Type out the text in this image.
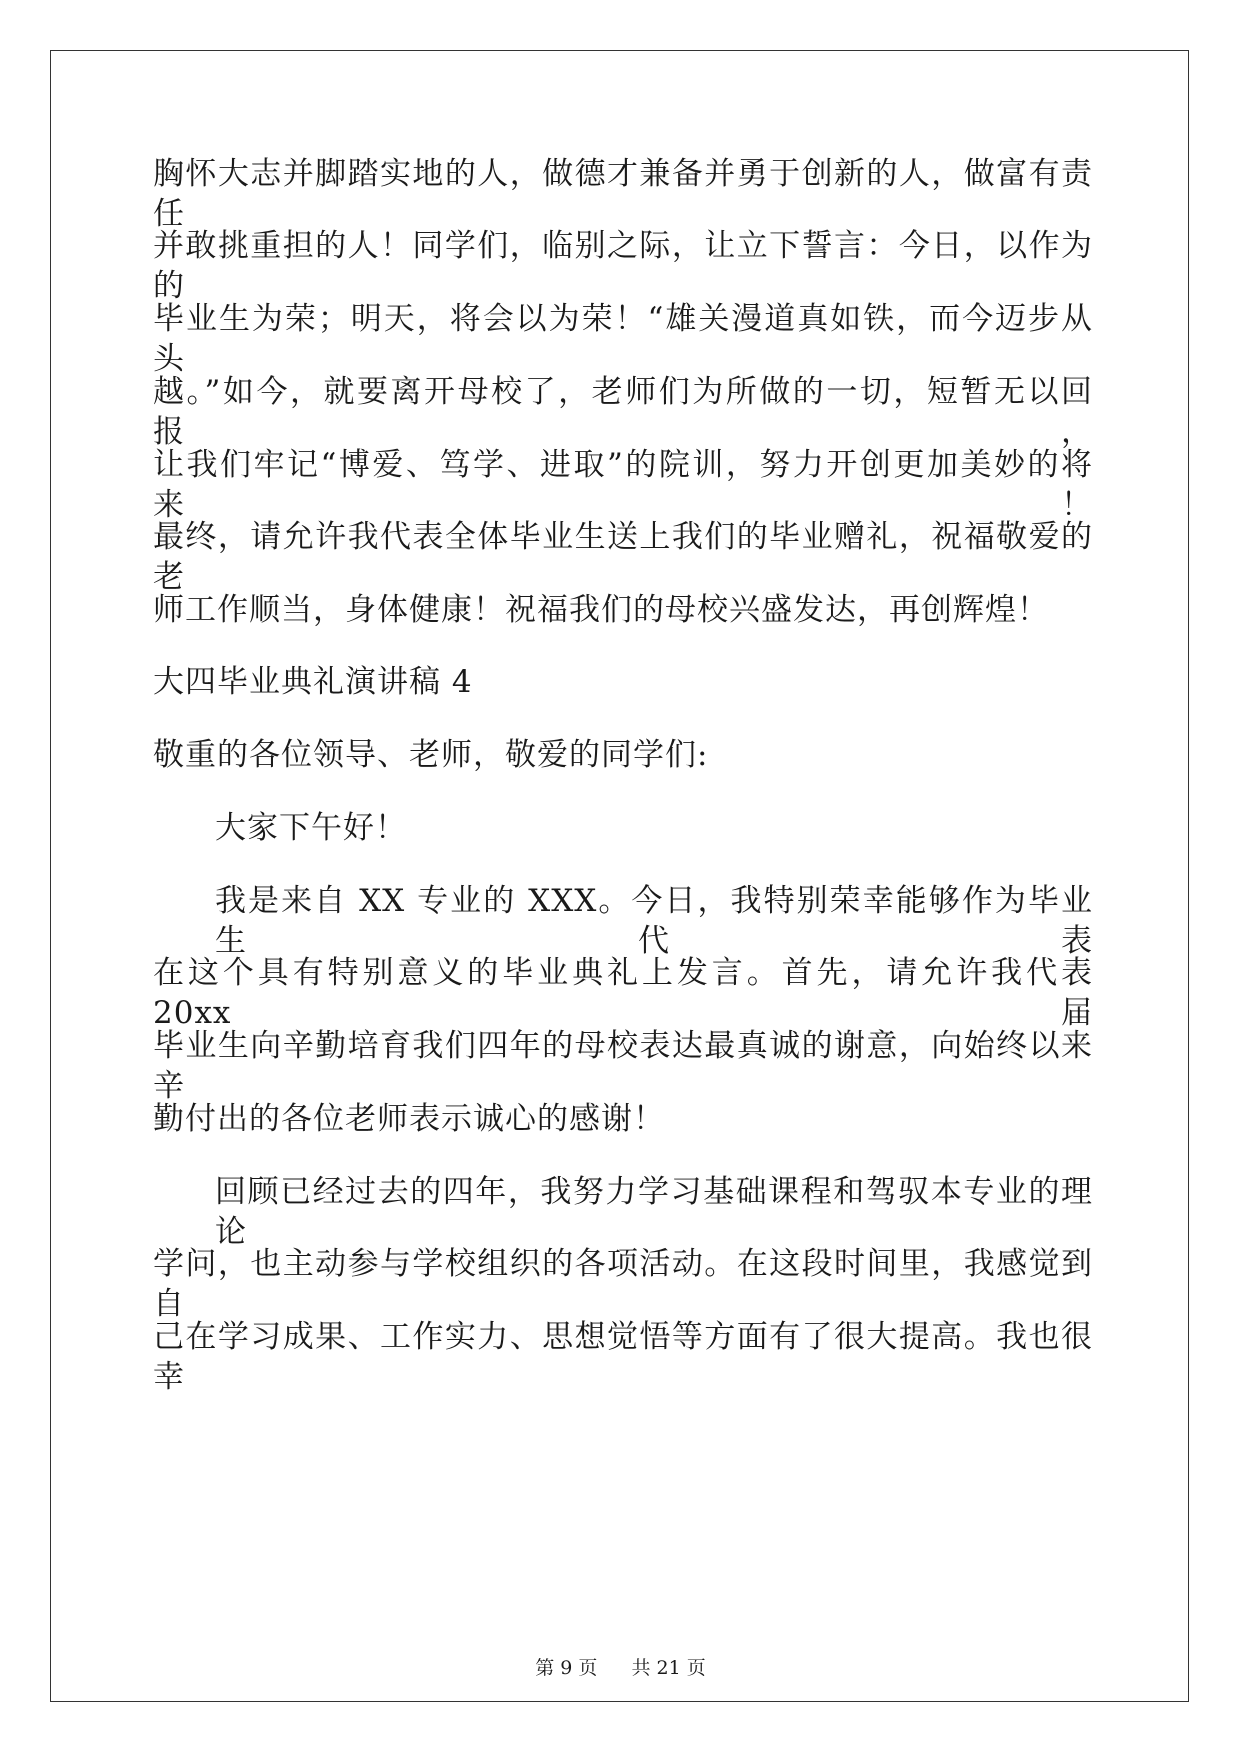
胸怀大志并脚踏实地的人，做德才兼备并勇于创新的人，做富有责任
并敢挑重担的人！同学们，临别之际，让立下誓言：今日，以作为的
毕业生为荣；明天，将会以为荣！“雄关漫道真如铁，而今迈步从头
越。”如今，就要离开母校了，老师们为所做的一切，短暂无以回报，
让我们牢记“博爱、笃学、进取”的院训，努力开创更加美妙的将来！
最终，请允许我代表全体毕业生送上我们的毕业赠礼，祝福敬爱的老
师工作顺当，身体健康！祝福我们的母校兴盛发达，再创辉煌！
大四毕业典礼演讲稿 4
敬重的各位领导、老师，敬爱的同学们:
大家下午好！
我是来自 XX 专业的 XXX。今日，我特别荣幸能够作为毕业生代表
在这个具有特别意义的毕业典礼上发言。首先，请允许我代表 20xx 届
毕业生向辛勤培育我们四年的母校表达最真诚的谢意，向始终以来辛
勤付出的各位老师表示诚心的感谢！
回顾已经过去的四年，我努力学习基础课程和驾驭本专业的理论
学问，也主动参与学校组织的各项活动。在这段时间里，我感觉到自
己在学习成果、工作实力、思想觉悟等方面有了很大提高。我也很幸
第 9 页 共 21 页
